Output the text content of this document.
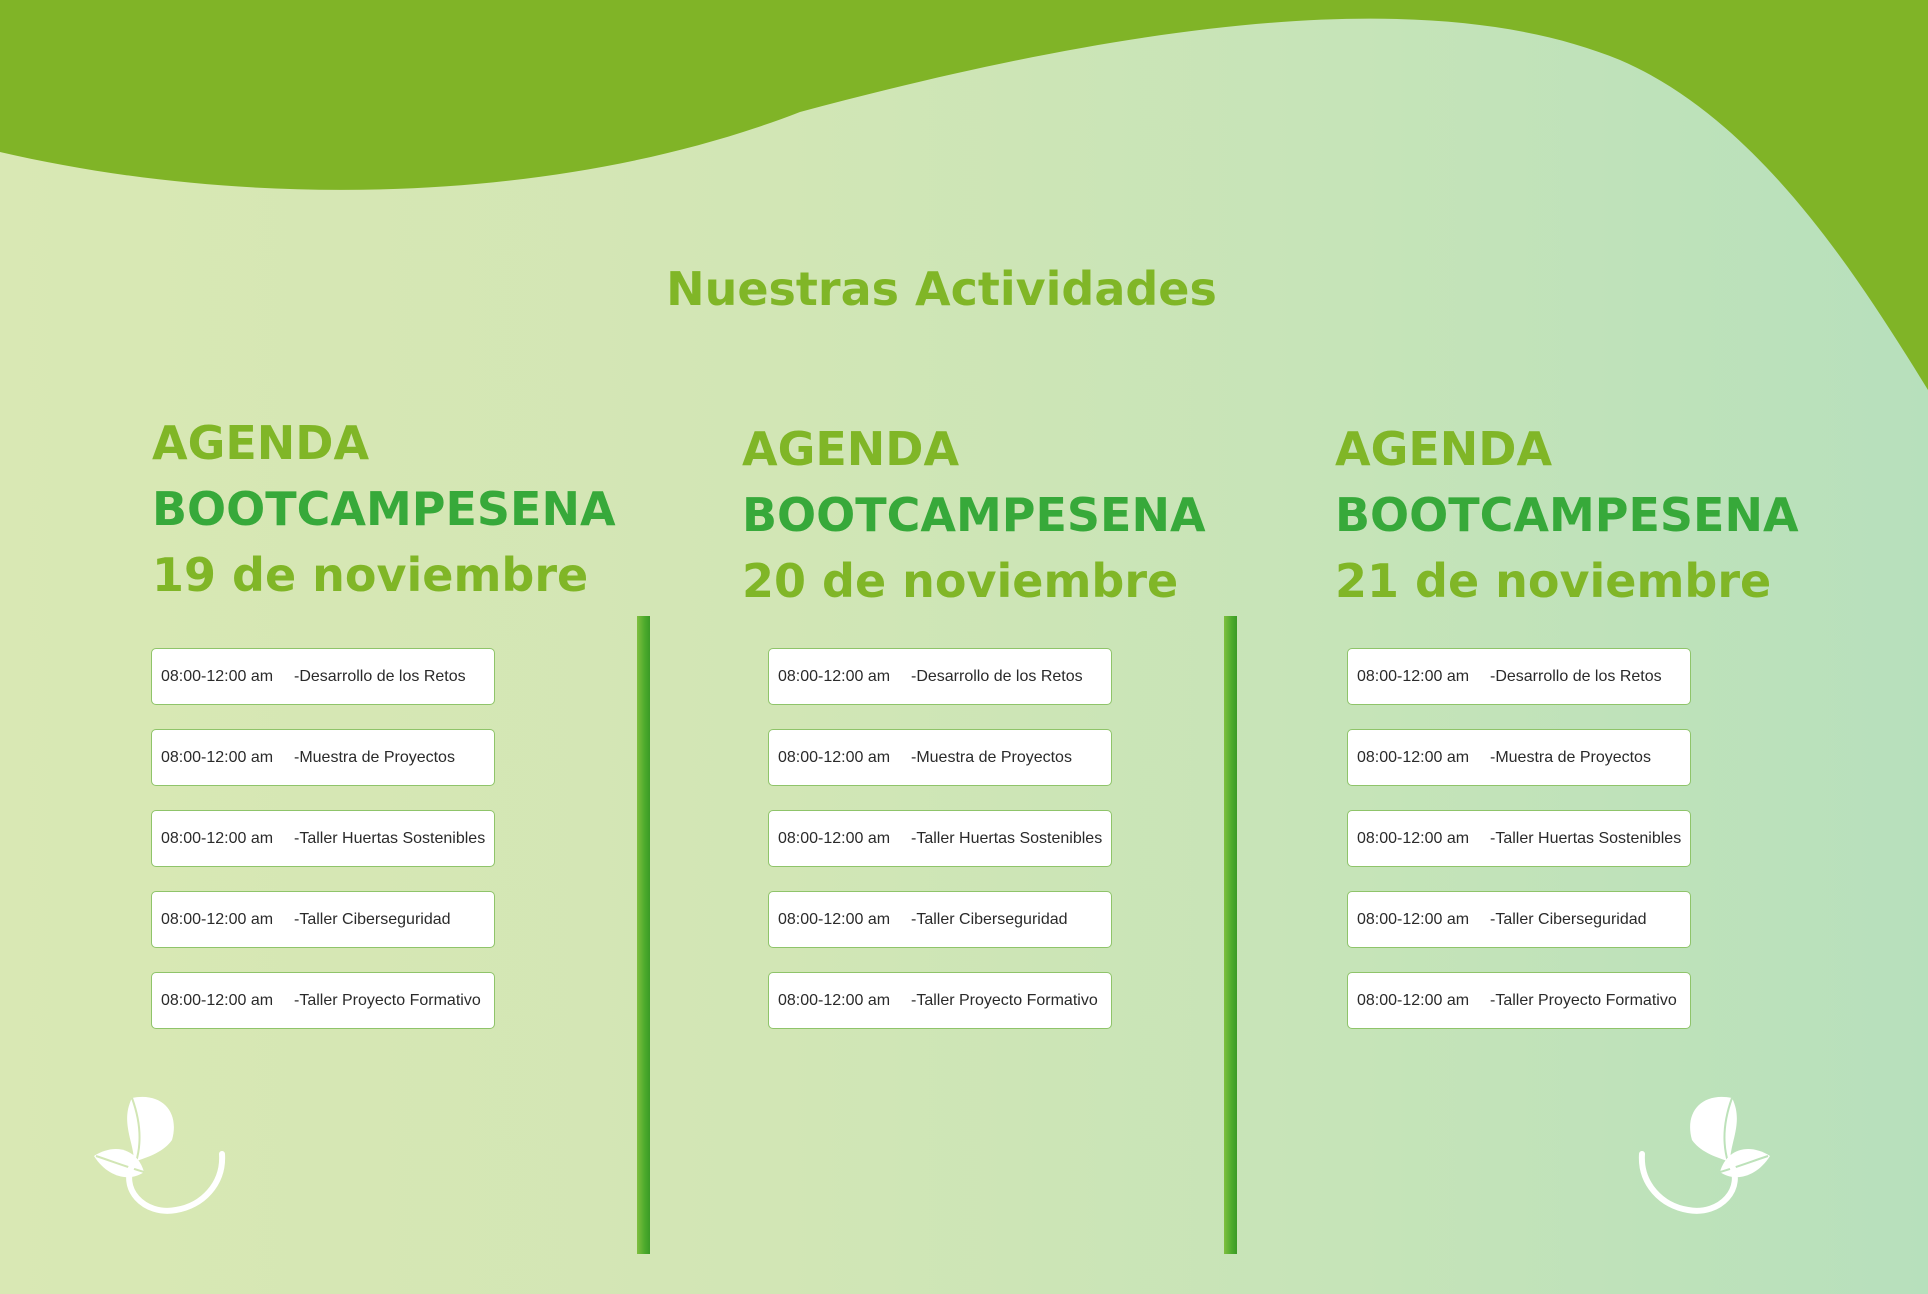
Nuestras Actividades
AGENDA
BOOTCAMPESENA
19 de noviembre
08:00-12:00 am	-Desarrollo de los Retos
08:00-12:00 am	-Muestra de Proyectos
08:00-12:00 am	-Taller Huertas Sostenibles
08:00-12:00 am	-Taller Ciberseguridad
08:00-12:00 am	-Taller Proyecto Formativo
AGENDA
BOOTCAMPESENA
20 de noviembre
08:00-12:00 am	-Desarrollo de los Retos
08:00-12:00 am	-Muestra de Proyectos
08:00-12:00 am	-Taller Huertas Sostenibles
08:00-12:00 am	-Taller Ciberseguridad
08:00-12:00 am	-Taller Proyecto Formativo
AGENDA
BOOTCAMPESENA
21 de noviembre
08:00-12:00 am	-Desarrollo de los Retos
08:00-12:00 am	-Muestra de Proyectos
08:00-12:00 am	-Taller Huertas Sostenibles
08:00-12:00 am	-Taller Ciberseguridad
08:00-12:00 am	-Taller Proyecto Formativo
